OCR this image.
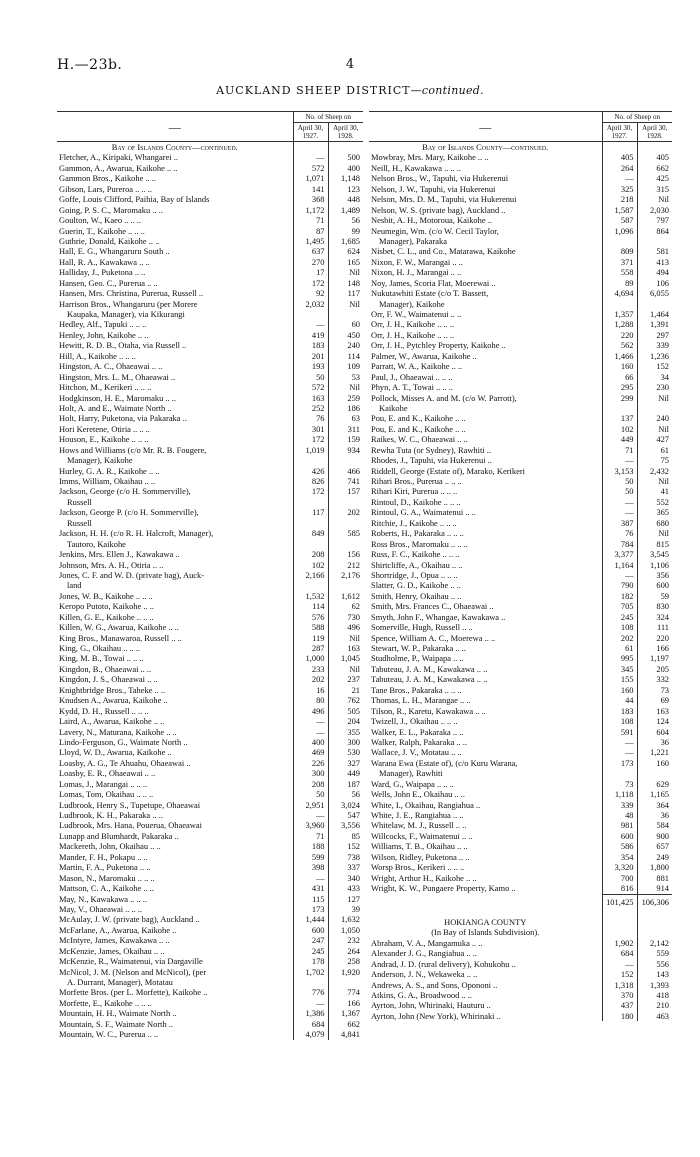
H.—23b.	4
AUCKLAND SHEEP DISTRICT—continued.
—	No. of Sheep on	
	April 30, 1927.	April 30, 1928.
Bay of Islands County—continued.		
Fletcher, A., Kiripaki, Whangarei ..	—	500
Gammon, A., Awarua, Kaikohe .. ..	572	400
Gammon Bros., Kaikohe .. ..	1,071	1,148
Gibson, Lars, Pureroa .. .. ..	141	123
Goffe, Louis Clifford, Paihia, Bay of Islands	368	448
Going, P. S. C., Maromaku .. ..	1,172	1,489
Goulton, W., Kaeo .. .. ..	71	56
Guerin, T., Kaikohe .. .. ..	87	99
Guthrie, Donald, Kaikohe .. ..	1,495	1,685
Hall, E. G., Whangaruru South ..	637	624
Hall, R. A., Kawakawa .. ..	270	165
Halliday, J., Puketona .. ..	17	Nil
Hansen, Geo. C., Purerua .. ..	172	148
Hansen, Mrs. Christina, Purerua, Russell ..	92	117
Harrison Bros., Whangaruru (per Morere	2,032	Nil
Kaupaka, Manager), via Kikurangi		
Hedley, Alf., Tapuki .. .. ..	—	60
Henley, John, Kaikohe .. ..	419	450
Hewitt, R. D. B., Otaha, via Russell ..	183	240
Hill, A., Kaikohe .. .. ..	201	114
Hingston, A. C., Ohaeawai .. ..	193	109
Hingston, Mrs. L. M., Ohaeawai ..	50	53
Hitchon, M., Kerikeri .. .. ..	572	Nil
Hodgkinson, H. E., Maromaku .. ..	163	259
Holt, A. and E., Waimate North ..	252	186
Holt, Harry, Puketona, via Pakaraka ..	76	63
Hori Keretene, Otiria .. .. ..	301	311
Houson, E., Kaikohe .. .. ..	172	159
Hows and Williams (c/o Mr. R. B. Fougere,	1,019	934
Manager), Kaikohe		
Hurley, G. A. R., Kaikohe .. ..	426	466
Imms, William, Okaihau .. ..	826	741
Jackson, George (c/o H. Sommerville),	172	157
Russell		
Jackson, George P. (c/o H. Sommerville),	117	202
Russell		
Jackson, H. H. (c/o R. H. Halcroft, Manager),	849	585
Tautoro, Kaikohe		
Jenkins, Mrs. Ellen J., Kawakawa ..	208	156
Johnson, Mrs. A. H., Otiria .. ..	102	212
Jones, C. F. and W. D. (private bag), Auck-	2,166	2,176
land		
Jones, W. B., Kaikohe .. .. ..	1,532	1,612
Keropo Putoto, Kaikohe .. ..	114	62
Killen, G. E., Kaikohe .. .. ..	576	730
Killen, W. G., Awarua, Kaikohe .. ..	588	496
King Bros., Manawaroa, Russell .. ..	119	Nil
King, G., Okaihau .. .. ..	287	163
King, M. B., Towai .. .. ..	1,000	1,045
Kingdon, B., Ohaeawai .. ..	233	Nil
Kingdon, J. S., Ohaeawai .. ..	202	237
Knightbridge Bros., Taheke .. ..	16	21
Knudsen A., Awarua, Kaikohe ..	80	762
Kydd, D. H., Russell .. .. ..	496	505
Laird, A., Awarua, Kaikohe .. ..	—	204
Lavery, N., Maturana, Kaikohe .. ..	—	355
Lindo-Ferguson, G., Waimate North ..	400	300
Lloyd, W. D., Awarua, Kaikohe ..	469	530
Loasby, A. G., Te Ahuahu, Ohaeawai ..	226	327
Loasby, E. R., Ohaeawai .. ..	300	449
Lomas, J., Marangai .. .. ..	208	187
Lomas, Tom, Okaihau .. .. ..	50	56
Ludbrook, Henry S., Tupetupe, Ohaeawai	2,951	3,024
Ludbrook, K. H., Pakaraka .. ..	—	547
Ludbrook, Mrs. Hana, Pouerua, Ohaeawai	3,960	3,556
Lunapp and Blumhardt, Pakaraka ..	71	85
Mackereth, John, Okaihau .. ..	188	152
Mander, F. H., Pokapu .. ..	599	738
Martin, F. A., Puketona .. ..	398	337
Mason, N., Maromaku .. .. ..	—	340
Mattson, C. A., Kaikohe .. ..	431	433
May, N., Kawakawa .. .. ..	115	127
May, V., Ohaeawai .. .. ..	173	39
McAulay, J. W. (private bag), Auckland ..	1,444	1,632
McFarlane, A., Awarua, Kaikohe ..	600	1,050
McIntyre, James, Kawakawa .. ..	247	232
McKenzie, James, Okaihau .. ..	245	264
McKenzie, R., Waimatenui, via Dargaville	178	258
McNicol, J. M. (Nelson and McNicol), (per	1,702	1,920
A. Durrant, Manager), Motatau		
Morfette Bros. (per L. Morfette), Kaikohe ..	776	774
Morfette, E., Kaikohe .. .. ..	—	166
Mountain, H. H., Waimate North ..	1,386	1,367
Mountain, S. F., Waimate North ..	684	662
Mountain, W. C., Purerua .. ..	4,079	4,841
—	No. of Sheep on	
	April 30, 1927.	April 30, 1928.
Bay of Islands County—continued.		
Mowbray, Mrs. Mary, Kaikohe .. ..	405	405
Neill, H., Kawakawa .. .. ..	264	662
Nelson Bros., W., Tapuhi, via Hukerenui	—	425
Nelson, J. W., Tapuhi, via Hukerenui	325	315
Nelson, Mrs. D. M., Tapuhi, via Hukerenui	218	Nil
Nelson, W. S. (private bag), Auckland ..	1,587	2,030
Nesbit, A. H., Motoroua, Kaikohe ..	587	797
Neumegin, Wm. (c/o W. Cecil Taylor,	1,096	864
Manager), Pakaraka		
Nisbet, C. L., and Co., Matarawa, Kaikohe	809	581
Nixon, F. W., Marangai .. ..	371	413
Nixon, H. J., Marangai .. ..	558	494
Noy, James, Scoria Flat, Moerewai ..	89	106
Nukutawhiti Estate (c/o T. Bassett,	4,694	6,055
Manager), Kaikohe		
Orr, F. W., Waimatenui .. ..	1,357	1,464
Orr, J. H., Kaikohe .. .. ..	1,288	1,391
Orr, J. H., Kaikohe .. .. ..	220	297
Orr, J. H., Pytchley Property, Kaikohe ..	562	339
Palmer, W., Awarua, Kaikohe ..	1,466	1,236
Parratt, W. A., Kaikohe .. ..	160	152
Paul, J., Ohaeawai .. .. ..	66	34
Phyn, A. T., Towai .. .. ..	295	230
Pollock, Misses A. and M. (c/o W. Parrott),	299	Nil
Kaikohe		
Pou, E. and K., Kaikohe .. ..	137	240
Pou, E. and K., Kaikohe .. ..	102	Nil
Raikes, W. C., Ohaeawai .. ..	449	427
Rewha Tuta (or Sydney), Rawhiti ..	71	61
Rhodes, J., Tapuhi, via Hukerenui ..	—	75
Riddell, George (Estate of), Marako, Kerikeri	3,153	2,432
Rihari Bros., Purerua .. .. ..	50	Nil
Rihari Kiri, Purerua .. .. ..	50	41
Rintoul, D., Kaikohe .. .. ..	—	552
Rintoul, G. A., Waimatenui .. ..	—	365
Ritchie, J., Kaikohe .. .. ..	387	680
Roberts, H., Pakaraka .. .. ..	76	Nil
Ross Bros., Maromaku .. .. ..	784	815
Russ, F. C., Kaikohe .. .. ..	3,377	3,545
Shirtcliffe, A., Okaihau .. ..	1,164	1,106
Shortridge, J., Opua .. .. ..	—	356
Slatter, G. D., Kaikohe .. ..	790	600
Smith, Henry, Okaihau .. ..	182	59
Smith, Mrs. Frances C., Ohaeawai ..	705	830
Smyth, John F., Whangae, Kawakawa ..	245	324
Somerville, Hugh, Russell .. ..	108	111
Spence, William A. C., Moerewa .. ..	202	220
Stewart, W. P., Pakaraka .. ..	61	166
Studholme, P., Waipapa .. ..	995	1,197
Tabuteau, J. A. M., Kawakawa .. ..	345	205
Tabuteau, J. A. M., Kawakawa .. ..	155	332
Tane Bros., Pakaraka .. .. ..	160	73
Thomas, L. H., Marangae .. ..	44	69
Tilson, R., Karetu, Kawakawa .. ..	183	163
Twizell, J., Okaihau .. .. ..	108	124
Walker, E. L., Pakaraka .. ..	591	604
Walker, Ralph, Pakaraka .. ..	—	36
Wallace, J. V., Motatau .. ..	—	1,221
Warana Ewa (Estate of), (c/o Kuru Warana,	173	160
Manager), Rawhiti		
Ward, G., Waipapa .. .. ..	73	629
Wells, John E., Okaihau .. ..	1,118	1,165
White, I., Okaihau, Rangiahua ..	339	364
White, J. E., Rangiahua .. ..	48	36
Whitelaw, M. J., Russell .. ..	981	584
Willcocks, F., Waimatenui .. ..	600	900
Williams, T. B., Okaihau .. ..	586	657
Wilson, Ridley, Puketona .. ..	354	249
Worsp Bros., Kerikeri .. .. ..	3,320	1,800
Wright, Arthur H., Kaikohe .. ..	700	881
Wright, K. W., Pungaere Property, Kamo ..	816	914
	101,425	106,306

HOKIANGA COUNTY		
(In Bay of Islands Subdivision).		
Abraham, V. A., Mangamuka .. ..	1,902	2,142
Alexander J. G., Rangiahua .. ..	684	559
Andrad, J. D. (rural delivery), Kohukohu ..	—	556
Anderson, J. N., Wekaweka .. ..	152	143
Andrews, A. S., and Sons, Opononi ..	1,318	1,393
Atkins, G. A., Broadwood .. ..	370	418
Ayrton, John, Whirinaki, Hauturu ..	437	210
Ayrton, John (New York), Whirinaki ..	180	463
